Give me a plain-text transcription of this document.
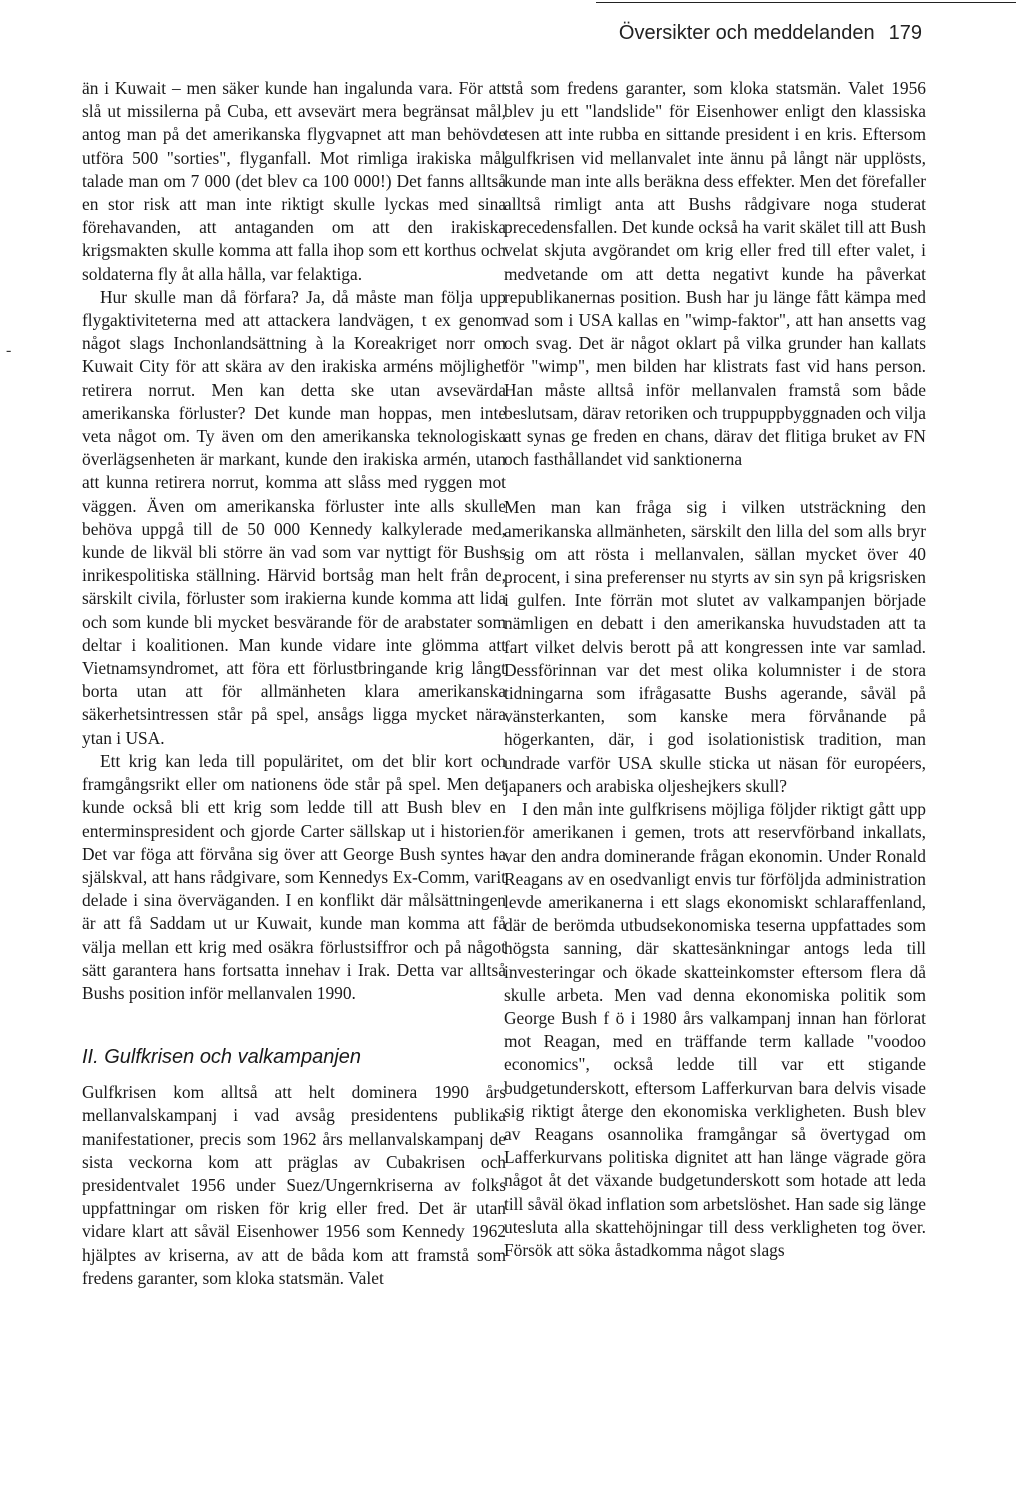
Översikter och meddelanden 179
-

än i Kuwait – men säker kunde han ingalunda vara. För att slå ut missilerna på Cuba, ett avsevärt mera begränsat mål, antog man på det amerikanska flygvapnet att man behövde utföra 500 "sorties", flyganfall. Mot rimliga irakiska mål talade man om 7 000 (det blev ca 100 000!) Det fanns alltså en stor risk att man inte riktigt skulle lyckas med sina förehavanden, att antaganden om att den irakiska krigsmakten skulle komma att falla ihop som ett korthus och soldaterna fly åt alla hålla, var felaktiga.

Hur skulle man då förfara? Ja, då måste man följa upp flygaktiviteterna med att attackera landvägen, t ex genom något slags Inchonlandsättning à la Koreakriget norr om Kuwait City för att skära av den irakiska arméns möjlighet retirera norrut. Men kan detta ske utan avsevärda amerikanska förluster? Det kunde man hoppas, men inte veta något om. Ty även om den amerikanska teknologiska överlägsenheten är markant, kunde den irakiska armén, utan att kunna retirera norrut, komma att slåss med ryggen mot väggen. Även om amerikanska förluster inte alls skulle behöva uppgå till de 50 000 Kennedy kalkylerade med, kunde de likväl bli större än vad som var nyttigt för Bushs inrikespolitiska ställning. Härvid bortsåg man helt från de, särskilt civila, förluster som irakierna kunde komma att lida och som kunde bli mycket besvärande för de arabstater som deltar i koalitionen. Man kunde vidare inte glömma att Vietnamsyndromet, att föra ett förlustbringande krig långt borta utan att för allmänheten klara amerikanska säkerhetsintressen står på spel, ansågs ligga mycket nära ytan i USA.

Ett krig kan leda till populäritet, om det blir kort och framgångsrikt eller om nationens öde står på spel. Men det kunde också bli ett krig som ledde till att Bush blev en enterminspresident och gjorde Carter sällskap ut i historien. Det var föga att förvåna sig över att George Bush syntes ha själskval, att hans rådgivare, som Kennedys Ex-Comm, varit delade i sina överväganden. I en konflikt där målsättningen är att få Saddam ut ur Kuwait, kunde man komma att få välja mellan ett krig med osäkra förlustsiffror och på något sätt garantera hans fortsatta innehav i Irak. Detta var alltså Bushs position inför mellanvalen 1990.

II. Gulfkrisen och valkampanjen

Gulfkrisen kom alltså att helt dominera 1990 års mellanvalskampanj i vad avsåg presidentens publika manifestationer, precis som 1962 års mellanvalskampanj de sista veckorna kom att präglas av Cubakrisen och presidentvalet 1956 under Suez/Ungernkriserna av folks uppfattningar om risken för krig eller fred. Det är utan vidare klart att såväl Eisenhower 1956 som Kennedy 1962 hjälptes av kriserna, av att de båda kom att framstå som fredens garanter, som kloka statsmän. Valet

stå som fredens garanter, som kloka statsmän. Valet 1956 blev ju ett "landslide" för Eisenhower enligt den klassiska tesen att inte rubba en sittande president i en kris. Eftersom gulfkrisen vid mellanvalet inte ännu på långt när upplösts, kunde man inte alls beräkna dess effekter. Men det förefaller alltså rimligt anta att Bushs rådgivare noga studerat precedensfallen. Det kunde också ha varit skälet till att Bush velat skjuta avgörandet om krig eller fred till efter valet, i medvetande om att detta negativt kunde ha påverkat republikanernas position. Bush har ju länge fått kämpa med vad som i USA kallas en "wimp-faktor", att han ansetts vag och svag. Det är något oklart på vilka grunder han kallats för "wimp", men bilden har klistrats fast vid hans person. Han måste alltså inför mellanvalen framstå som både beslutsam, därav retoriken och truppuppbyggnaden och vilja att synas ge freden en chans, därav det flitiga bruket av FN och fasthållandet vid sanktionerna

Men man kan fråga sig i vilken utsträckning den amerikanska allmänheten, särskilt den lilla del som alls bryr sig om att rösta i mellanvalen, sällan mycket över 40 procent, i sina preferenser nu styrts av sin syn på krigsrisken i gulfen. Inte förrän mot slutet av valkampanjen började nämligen en debatt i den amerikanska huvudstaden att ta fart vilket delvis berott på att kongressen inte var samlad. Dessförinnan var det mest olika kolumnister i de stora tidningarna som ifrågasatte Bushs agerande, såväl på vänsterkanten, som kanske mera förvånande på högerkanten, där, i god isolationistisk tradition, man undrade varför USA skulle sticka ut näsan för européers, japaners och arabiska oljeshejkers skull?

I den mån inte gulfkrisens möjliga följder riktigt gått upp för amerikanen i gemen, trots att reservförband inkallats, var den andra dominerande frågan ekonomin. Under Ronald Reagans av en osedvanligt envis tur förföljda administration levde amerikanerna i ett slags ekonomiskt schlaraffenland, där de berömda utbudsekonomiska teserna uppfattades som högsta sanning, där skattesänkningar antogs leda till investeringar och ökade skatteinkomster eftersom flera då skulle arbeta. Men vad denna ekonomiska politik som George Bush f ö i 1980 års valkampanj innan han förlorat mot Reagan, med en träffande term kallade "voodoo economics", också ledde till var ett stigande budgetunderskott, eftersom Lafferkurvan bara delvis visade sig riktigt återge den ekonomiska verkligheten. Bush blev av Reagans osannolika framgångar så övertygad om Lafferkurvans politiska dignitet att han länge vägrade göra något åt det växande budgetunderskott som hotade att leda till såväl ökad inflation som arbetslöshet. Han sade sig länge utesluta alla skattehöjningar till dess verkligheten tog över. Försök att söka åstadkomma något slags
